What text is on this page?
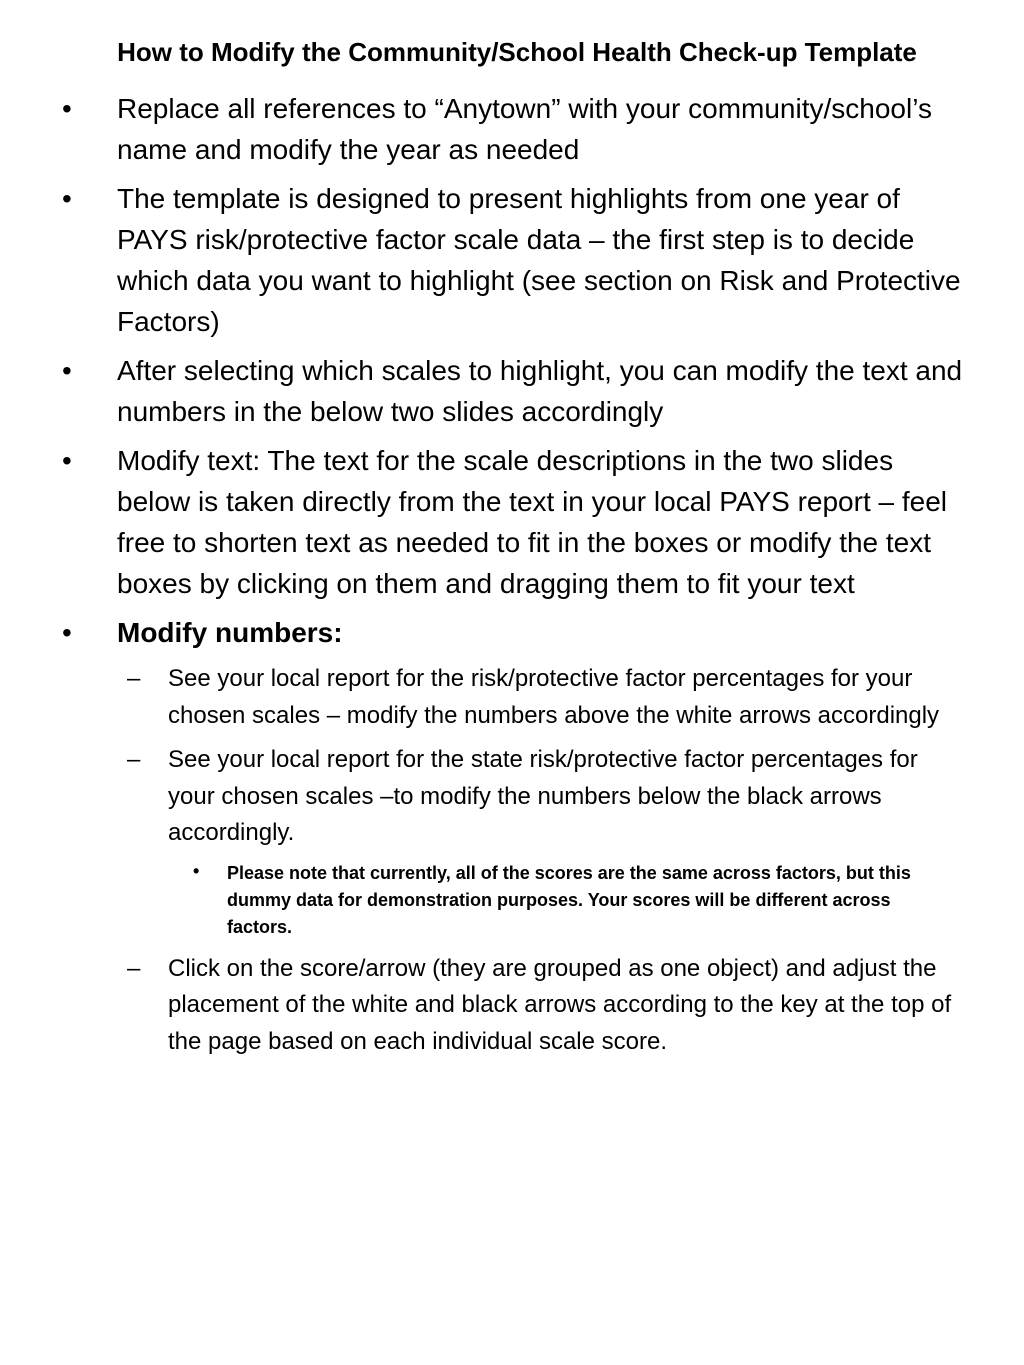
How to Modify the Community/School Health Check-up Template
• Replace all references to “Anytown” with your community/school’s name and modify the year as needed
• The template is designed to present highlights from one year of PAYS risk/protective factor scale data – the first step is to decide which data you want to highlight (see section on Risk and Protective Factors)
• After selecting which scales to highlight, you can modify the text and numbers in the below two slides accordingly
• Modify text: The text for the scale descriptions in the two slides below is taken directly from the text in your local PAYS report – feel free to shorten text as needed to fit in the boxes or modify the text boxes by clicking on them and dragging them to fit your text
• Modify numbers:
– See your local report for the risk/protective factor percentages for your chosen scales – modify the numbers above the white arrows accordingly
– See your local report for the state risk/protective factor percentages for your chosen scales –to modify the numbers below the black arrows accordingly.
• Please note that currently, all of the scores are the same across factors, but this dummy data for demonstration purposes. Your scores will be different across factors.
– Click on the score/arrow (they are grouped as one object) and adjust the placement of the white and black arrows according to the key at the top of the page based on each individual scale score.
